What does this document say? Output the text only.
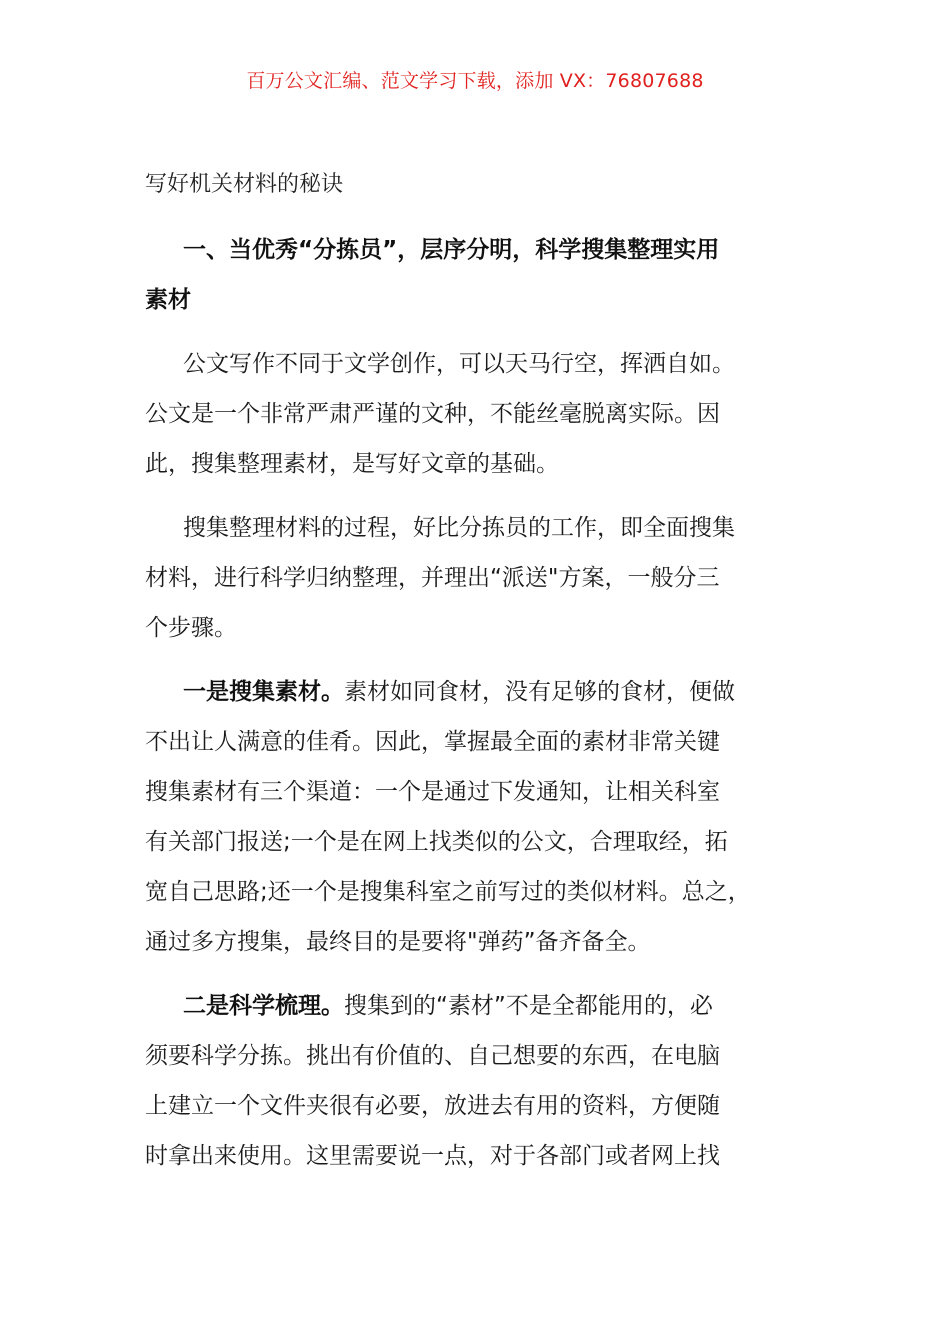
百万公文汇编、范文学习下载，添加 VX：76807688
写好机关材料的秘诀
一、当优秀“分拣员”，层序分明，科学搜集整理实用
素材
公文写作不同于文学创作，可以天马行空，挥洒自如。
公文是一个非常严肃严谨的文种，不能丝毫脱离实际。因
此，搜集整理素材，是写好文章的基础。
搜集整理材料的过程，好比分拣员的工作，即全面搜集
材料，进行科学归纳整理，并理出“派送"方案，一般分三
个步骤。
一是搜集素材。素材如同食材，没有足够的食材，便做
不出让人满意的佳肴。因此，掌握最全面的素材非常关键
搜集素材有三个渠道：一个是通过下发通知，让相关科室
有关部门报送;一个是在网上找类似的公文，合理取经，拓
宽自己思路;还一个是搜集科室之前写过的类似材料。总之，
通过多方搜集，最终目的是要将"弹药”备齐备全。
二是科学梳理。搜集到的“素材”不是全都能用的，必
须要科学分拣。挑出有价值的、自己想要的东西，在电脑
上建立一个文件夹很有必要，放进去有用的资料，方便随
时拿出来使用。这里需要说一点，对于各部门或者网上找
